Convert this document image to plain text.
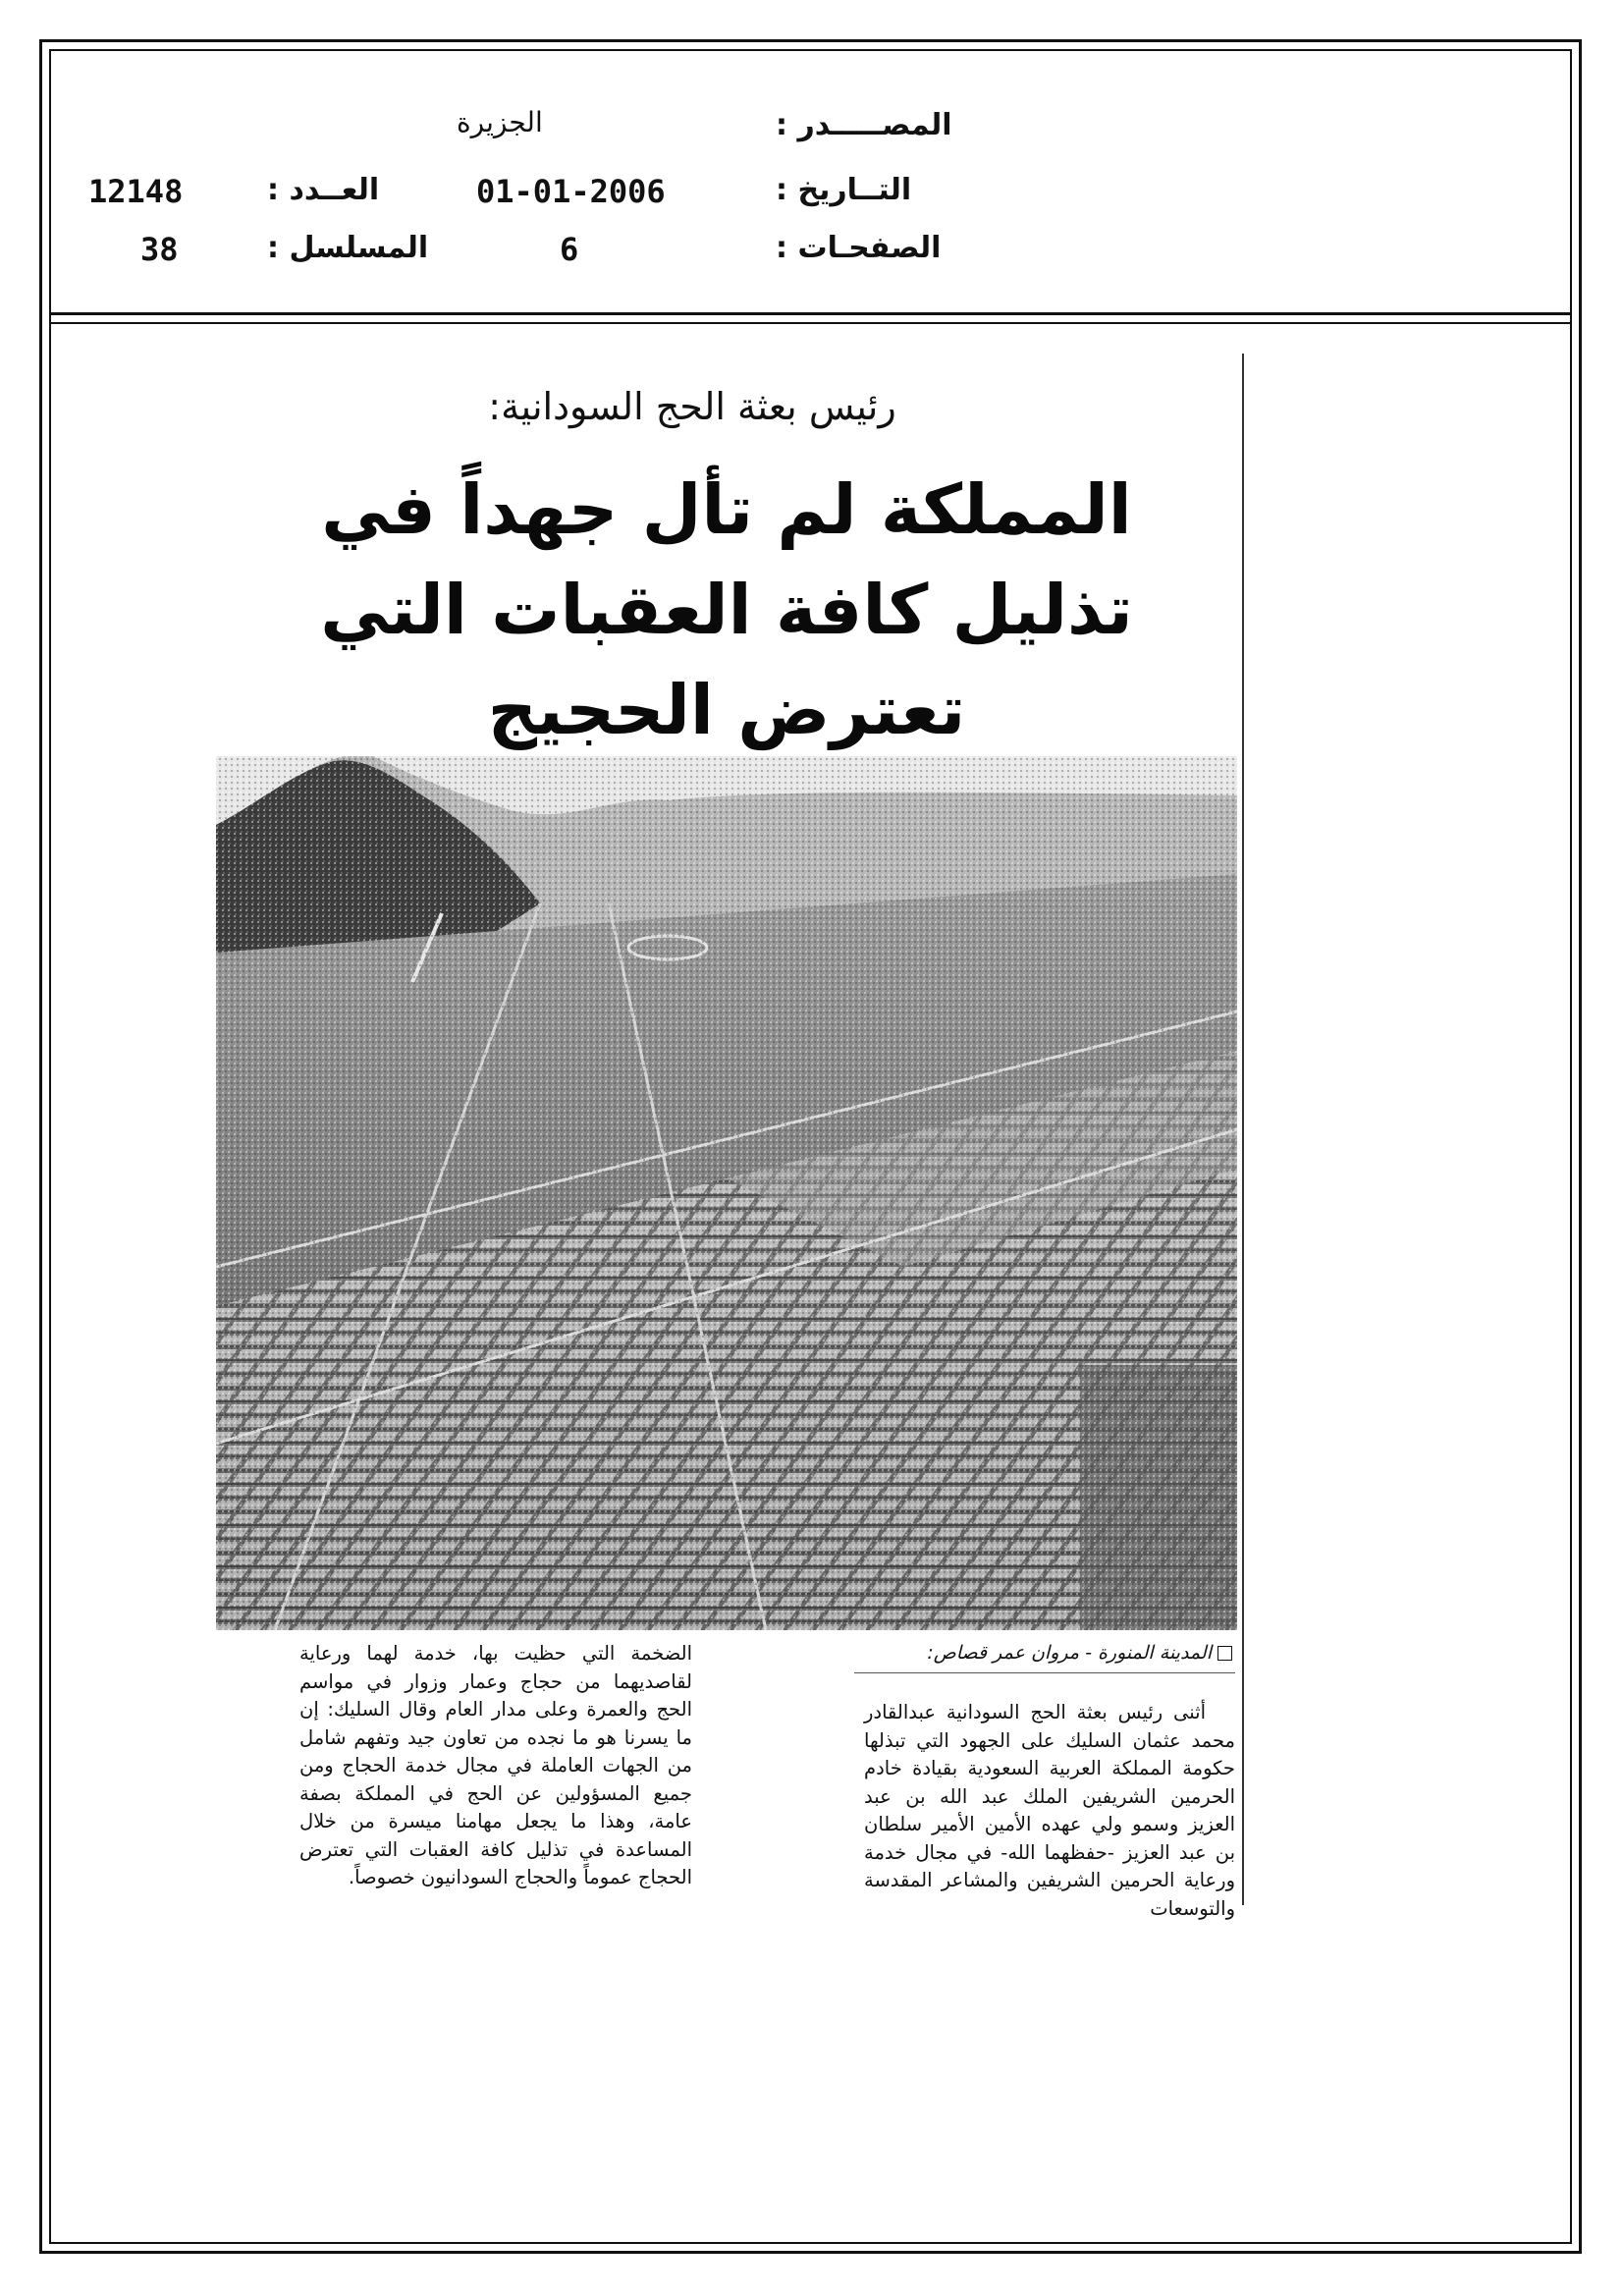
الجزيرة	المصـــــدر :
12148	العــدد :	01-01-2006	التــاريخ :
38	المسلسل :	6	الصفحـات :
رئيس بعثة الحج السودانية:
المملكة لم تأل جهداً في تذليل كافة العقبات التي تعترض الحجيج
المدينة المنورة - مروان عمر قصاص:
أثنى رئيس بعثة الحج السودانية عبدالقادر محمد عثمان السليك على الجهود التي تبذلها حكومة المملكة العربية السعودية بقيادة خادم الحرمين الشريفين الملك عبد الله بن عبد العزيز وسمو ولي عهده الأمين الأمير سلطان بن عبد العزيز -حفظهما الله- في مجال خدمة ورعاية الحرمين الشريفين والمشاعر المقدسة والتوسعات
الضخمة التي حظيت بها، خدمة لهما ورعاية لقاصديهما من حجاج وعمار وزوار في مواسم الحج والعمرة وعلى مدار العام وقال السليك: إن ما يسرنا هو ما نجده من تعاون جيد وتفهم شامل من الجهات العاملة في مجال خدمة الحجاج ومن جميع المسؤولين عن الحج في المملكة بصفة عامة، وهذا ما يجعل مهامنا ميسرة من خلال المساعدة في تذليل كافة العقبات التي تعترض الحجاج عموماً والحجاج السودانيون خصوصاً.
